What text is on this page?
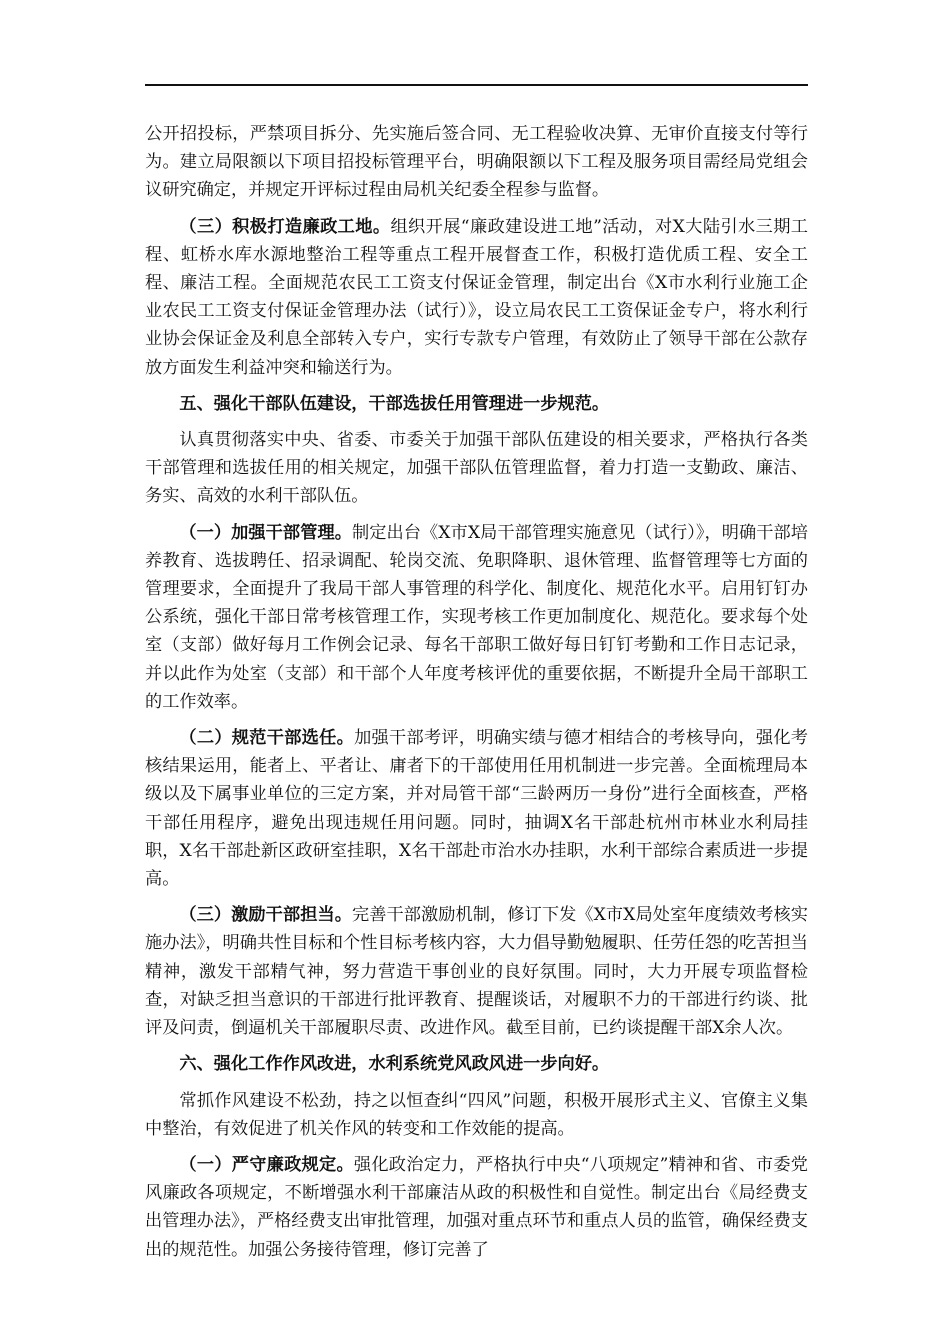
公开招投标，严禁项目拆分、先实施后签合同、无工程验收决算、无审价直接支付等行为。建立局限额以下项目招投标管理平台，明确限额以下工程及服务项目需经局党组会议研究确定，并规定开评标过程由局机关纪委全程参与监督。

（三）积极打造廉政工地。组织开展“廉政建设进工地”活动，对X大陆引水三期工程、虹桥水库水源地整治工程等重点工程开展督查工作，积极打造优质工程、安全工程、廉洁工程。全面规范农民工工资支付保证金管理，制定出台《X市水利行业施工企业农民工工资支付保证金管理办法（试行）》，设立局农民工工资保证金专户，将水利行业协会保证金及利息全部转入专户，实行专款专户管理，有效防止了领导干部在公款存放方面发生利益冲突和输送行为。

五、强化干部队伍建设，干部选拔任用管理进一步规范。

认真贯彻落实中央、省委、市委关于加强干部队伍建设的相关要求，严格执行各类干部管理和选拔任用的相关规定，加强干部队伍管理监督，着力打造一支勤政、廉洁、务实、高效的水利干部队伍。

（一）加强干部管理。制定出台《X市X局干部管理实施意见（试行）》，明确干部培养教育、选拔聘任、招录调配、轮岗交流、免职降职、退休管理、监督管理等七方面的管理要求，全面提升了我局干部人事管理的科学化、制度化、规范化水平。启用钉钉办公系统，强化干部日常考核管理工作，实现考核工作更加制度化、规范化。要求每个处室（支部）做好每月工作例会记录、每名干部职工做好每日钉钉考勤和工作日志记录，并以此作为处室（支部）和干部个人年度考核评优的重要依据，不断提升全局干部职工的工作效率。

（二）规范干部选任。加强干部考评，明确实绩与德才相结合的考核导向，强化考核结果运用，能者上、平者让、庸者下的干部使用任用机制进一步完善。全面梳理局本级以及下属事业单位的三定方案，并对局管干部“三龄两历一身份”进行全面核查，严格干部任用程序，避免出现违规任用问题。同时，抽调X名干部赴杭州市林业水利局挂职，X名干部赴新区政研室挂职，X名干部赴市治水办挂职，水利干部综合素质进一步提高。

（三）激励干部担当。完善干部激励机制，修订下发《X市X局处室年度绩效考核实施办法》，明确共性目标和个性目标考核内容，大力倡导勤勉履职、任劳任怨的吃苦担当精神，激发干部精气神，努力营造干事创业的良好氛围。同时，大力开展专项监督检查，对缺乏担当意识的干部进行批评教育、提醒谈话，对履职不力的干部进行约谈、批评及问责，倒逼机关干部履职尽责、改进作风。截至目前，已约谈提醒干部X余人次。

六、强化工作作风改进，水利系统党风政风进一步向好。

常抓作风建设不松劲，持之以恒查纠“四风”问题，积极开展形式主义、官僚主义集中整治，有效促进了机关作风的转变和工作效能的提高。

（一）严守廉政规定。强化政治定力，严格执行中央“八项规定”精神和省、市委党风廉政各项规定，不断增强水利干部廉洁从政的积极性和自觉性。制定出台《局经费支出管理办法》，严格经费支出审批管理，加强对重点环节和重点人员的监管，确保经费支出的规范性。加强公务接待管理，修订完善了
